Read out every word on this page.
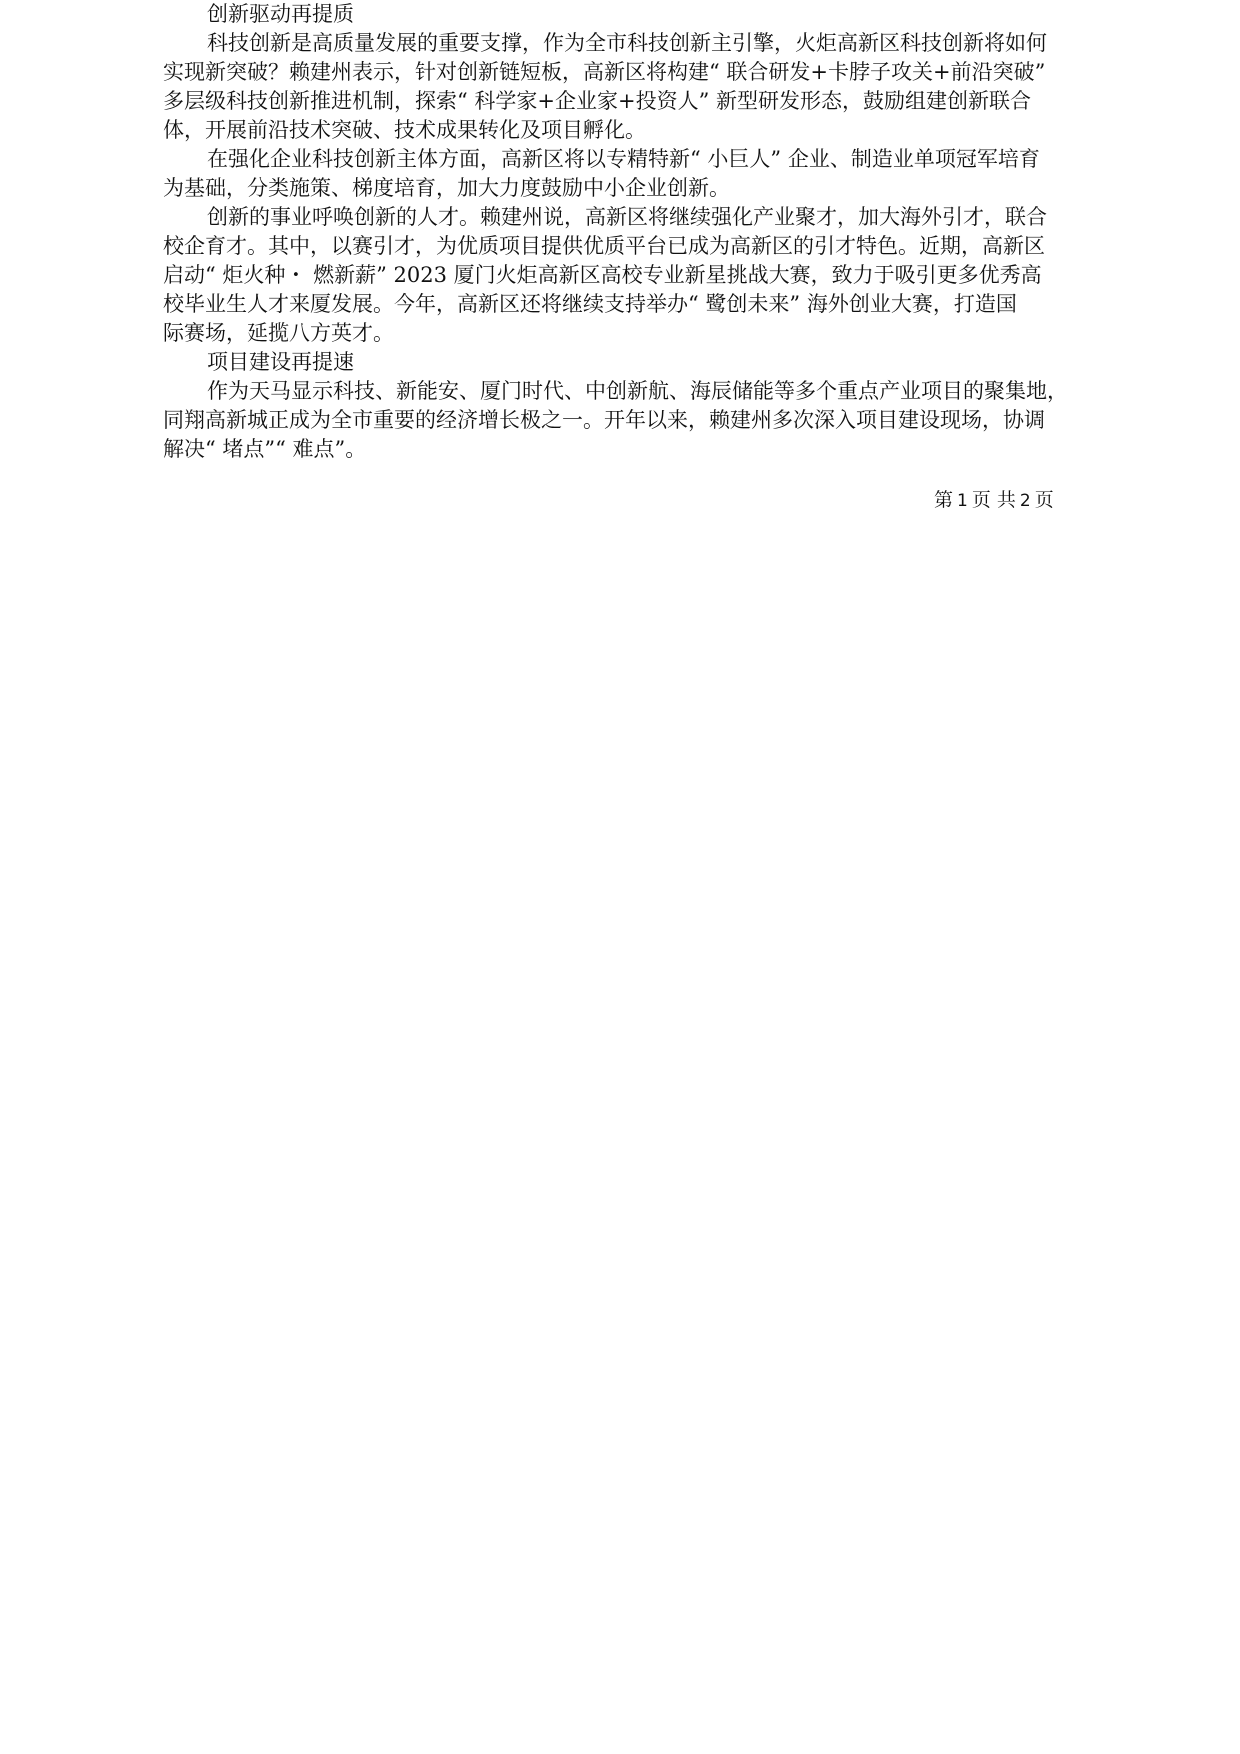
创新驱动再提质
科技创新是高质量发展的重要支撑，作为全市科技创新主引擎，火炬高新区科技创新将如何
实现新突破？赖建州表示，针对创新链短板，高新区将构建“ 联合研发+卡脖子攻关+前沿突破”
多层级科技创新推进机制，探索“ 科学家+企业家+投资人” 新型研发形态，鼓励组建创新联合
体，开展前沿技术突破、技术成果转化及项目孵化。
在强化企业科技创新主体方面，高新区将以专精特新“ 小巨人” 企业、制造业单项冠军培育
为基础，分类施策、梯度培育，加大力度鼓励中小企业创新。
创新的事业呼唤创新的人才。赖建州说，高新区将继续强化产业聚才，加大海外引才，联合
校企育才。其中，以赛引才，为优质项目提供优质平台已成为高新区的引才特色。近期，高新区
启动“ 炬火种・ 燃新薪” 2023 厦门火炬高新区高校专业新星挑战大赛，致力于吸引更多优秀高
校毕业生人才来厦发展。今年，高新区还将继续支持举办“ 鹭创未来” 海外创业大赛，打造国
际赛场，延揽八方英才。
项目建设再提速
作为天马显示科技、新能安、厦门时代、中创新航、海辰储能等多个重点产业项目的聚集地，
同翔高新城正成为全市重要的经济增长极之一。开年以来，赖建州多次深入项目建设现场，协调
解决“ 堵点”“ 难点”。
第 1 页 共 2 页
